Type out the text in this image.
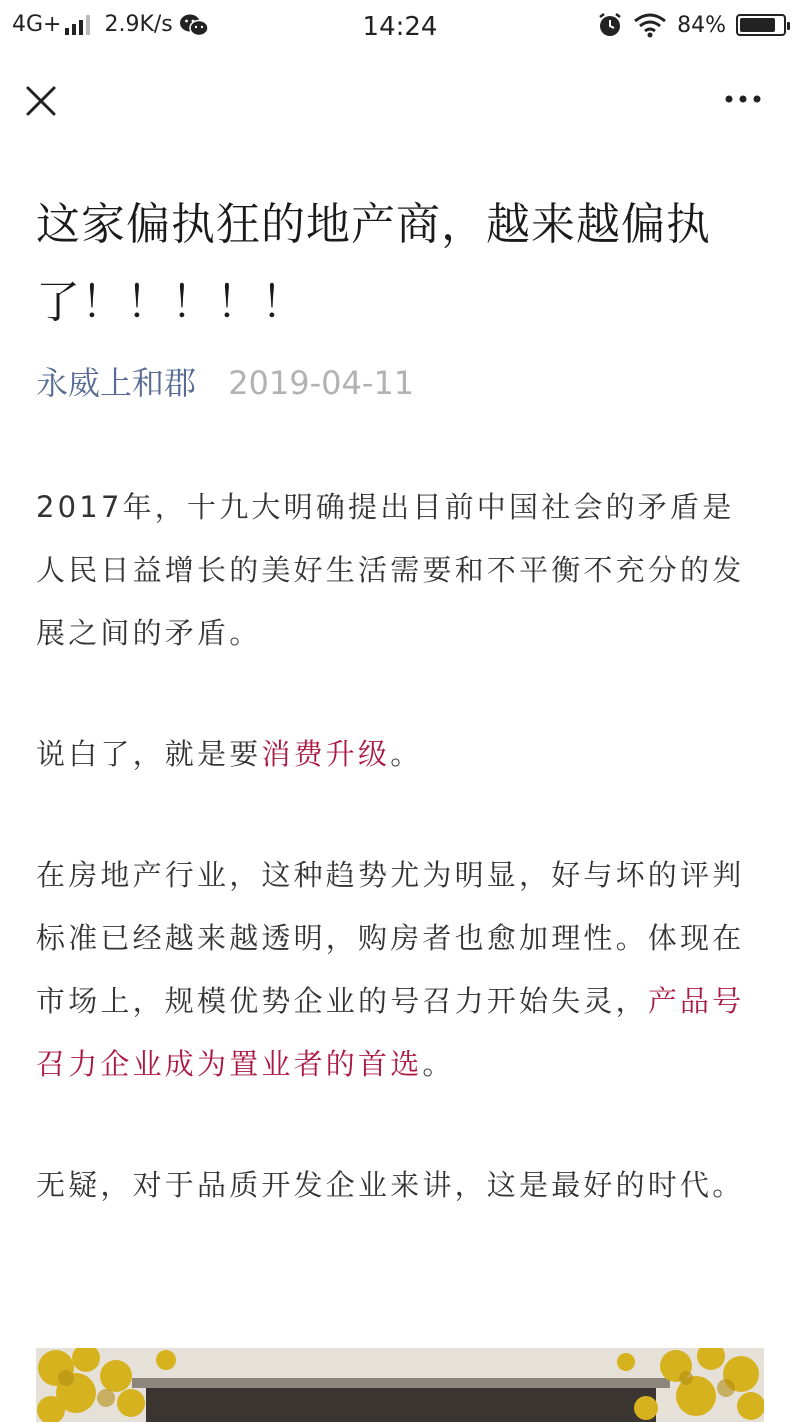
4G+ 2.9K/s	14:24	84%
这家偏执狂的地产商，越来越偏执了！！！！！
永威上和郡 2019-04-11

2017年，十九大明确提出目前中国社会的矛盾是人民日益增长的美好生活需要和不平衡不充分的发展之间的矛盾。

说白了，就是要消费升级。

在房地产行业，这种趋势尤为明显，好与坏的评判标准已经越来越透明，购房者也愈加理性。体现在市场上，规模优势企业的号召力开始失灵，产品号召力企业成为置业者的首选。

无疑，对于品质开发企业来讲，这是最好的时代。
